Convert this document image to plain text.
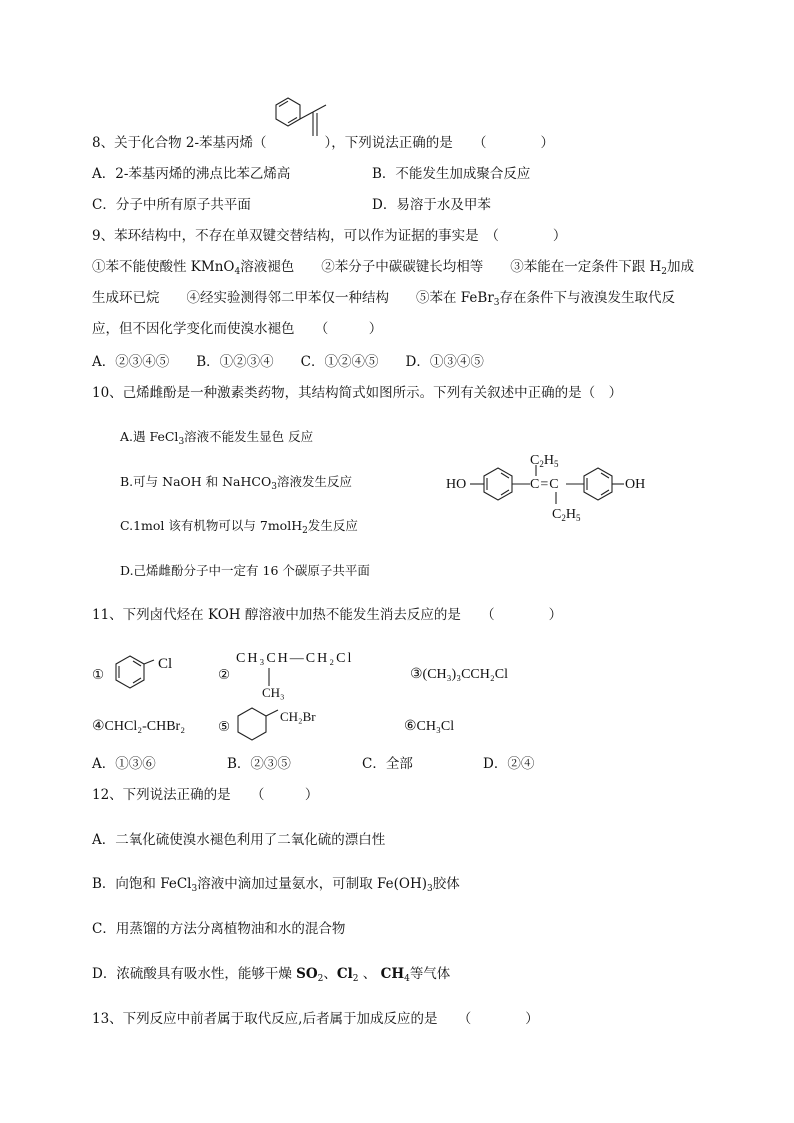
8、关于化合物 2-苯基丙烯（	），下列说法正确的是　　（　　　　）
A．2-苯基丙烯的沸点比苯乙烯高	B．不能发生加成聚合反应
C．分子中所有原子共平面	D．易溶于水及甲苯
9、苯环结构中，不存在单双键交替结构，可以作为证据的事实是　（　　　　）
①苯不能使酸性 KMnO$_4$溶液褪色　　②苯分子中碳碳键长均相等　　③苯能在一定条件下跟 $H_2$加成
生成环已烷　　④经实验测得邻二甲苯仅一种结构　　⑤苯在 FeBr$_3$存在条件下与液溴发生取代反
应，但不因化学变化而使溴水褪色　　（　　　）
A．②③④⑤　　B．①②③④　　C．①②④⑤　　D．①③④⑤
10、己烯雌酚是一种激素类药物，其结构简式如图所示。下列有关叙述中正确的是（　）
A.遇 FeCl$_3$溶液不能发生显色 反应
B.可与 NaOH 和 NaHCO$_3$溶液发生反应
C.1mol 该有机物可以与 7molH$_2$发生反应
D.己烯雌酚分子中一定有 16 个碳原子共平面
HO	OH
$C_2H_5$
C=C
$C_2H_5$
11、下列卤代烃在 KOH 醇溶液中加热不能发生消去反应的是　　（　　　　）
①
Cl
②
CH₃CH—CH₂Cl
CH₃
③(CH₃)₃CCH₂Cl
④CHCl₂-CHBr₂ ⑤
CH₂Br
⑥CH₃Cl
A．①③⑥	B．②③⑤	C．全部	D．②④
12、下列说法正确的是　　（　　　）
A．二氧化硫使溴水褪色利用了二氧化硫的漂白性
B．向饱和 FeCl$_3$溶液中滴加过量氨水，可制取 $Fe(OH)_3$胶体
C．用蒸馏的方法分离植物油和水的混合物
D．浓硫酸具有吸水性，能够干燥 $SO_2$、$Cl_2$ 、 $CH_4$等气体
13、下列反应中前者属于取代反应,后者属于加成反应的是　　（　　　　）
